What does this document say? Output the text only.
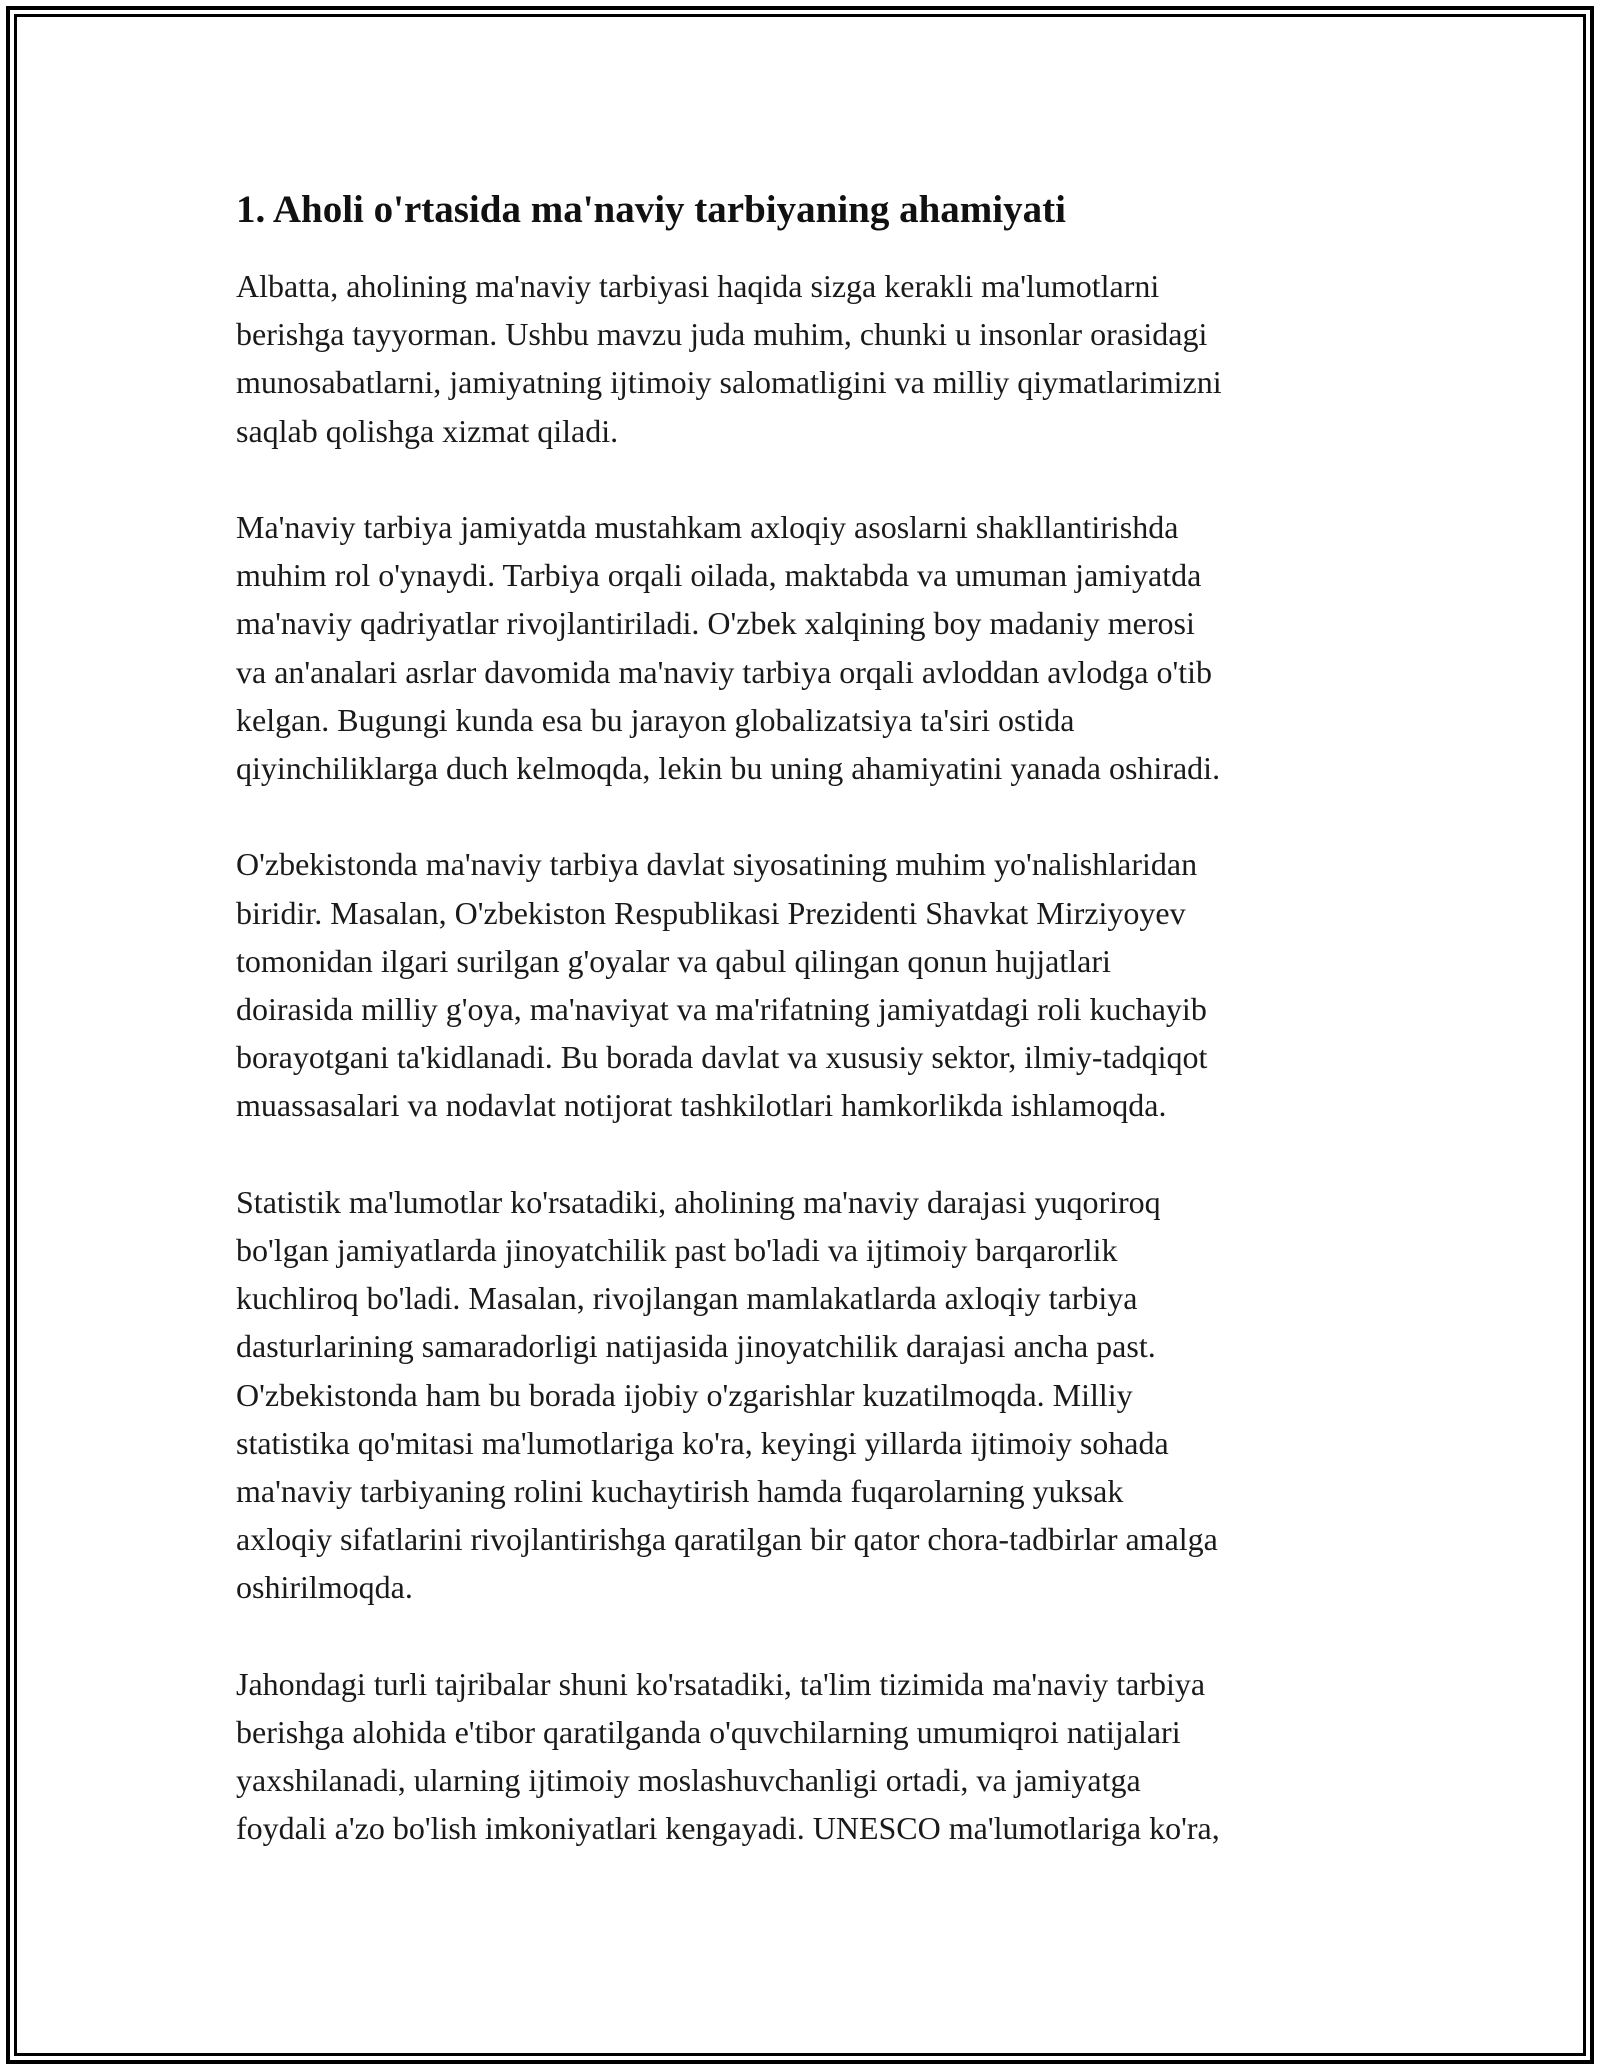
1. Aholi o'rtasida ma'naviy tarbiyaning ahamiyati
Albatta, aholining ma'naviy tarbiyasi haqida sizga kerakli ma'lumotlarni
berishga tayyorman. Ushbu mavzu juda muhim, chunki u insonlar orasidagi
munosabatlarni, jamiyatning ijtimoiy salomatligini va milliy qiymatlarimizni
saqlab qolishga xizmat qiladi.
Ma'naviy tarbiya jamiyatda mustahkam axloqiy asoslarni shakllantirishda
muhim rol o'ynaydi. Tarbiya orqali oilada, maktabda va umuman jamiyatda
ma'naviy qadriyatlar rivojlantiriladi. O'zbek xalqining boy madaniy merosi
va an'analari asrlar davomida ma'naviy tarbiya orqali avloddan avlodga o'tib
kelgan. Bugungi kunda esa bu jarayon globalizatsiya ta'siri ostida
qiyinchiliklarga duch kelmoqda, lekin bu uning ahamiyatini yanada oshiradi.
O'zbekistonda ma'naviy tarbiya davlat siyosatining muhim yo'nalishlaridan
biridir. Masalan, O'zbekiston Respublikasi Prezidenti Shavkat Mirziyoyev
tomonidan ilgari surilgan g'oyalar va qabul qilingan qonun hujjatlari
doirasida milliy g'oya, ma'naviyat va ma'rifatning jamiyatdagi roli kuchayib
borayotgani ta'kidlanadi. Bu borada davlat va xususiy sektor, ilmiy-tadqiqot
muassasalari va nodavlat notijorat tashkilotlari hamkorlikda ishlamoqda.
Statistik ma'lumotlar ko'rsatadiki, aholining ma'naviy darajasi yuqoriroq
bo'lgan jamiyatlarda jinoyatchilik past bo'ladi va ijtimoiy barqarorlik
kuchliroq bo'ladi. Masalan, rivojlangan mamlakatlarda axloqiy tarbiya
dasturlarining samaradorligi natijasida jinoyatchilik darajasi ancha past.
O'zbekistonda ham bu borada ijobiy o'zgarishlar kuzatilmoqda. Milliy
statistika qo'mitasi ma'lumotlariga ko'ra, keyingi yillarda ijtimoiy sohada
ma'naviy tarbiyaning rolini kuchaytirish hamda fuqarolarning yuksak
axloqiy sifatlarini rivojlantirishga qaratilgan bir qator chora-tadbirlar amalga
oshirilmoqda.
Jahondagi turli tajribalar shuni ko'rsatadiki, ta'lim tizimida ma'naviy tarbiya
berishga alohida e'tibor qaratilganda o'quvchilarning umumiqroi natijalari
yaxshilanadi, ularning ijtimoiy moslashuvchanligi ortadi, va jamiyatga
foydali a'zo bo'lish imkoniyatlari kengayadi. UNESCO ma'lumotlariga ko'ra,
